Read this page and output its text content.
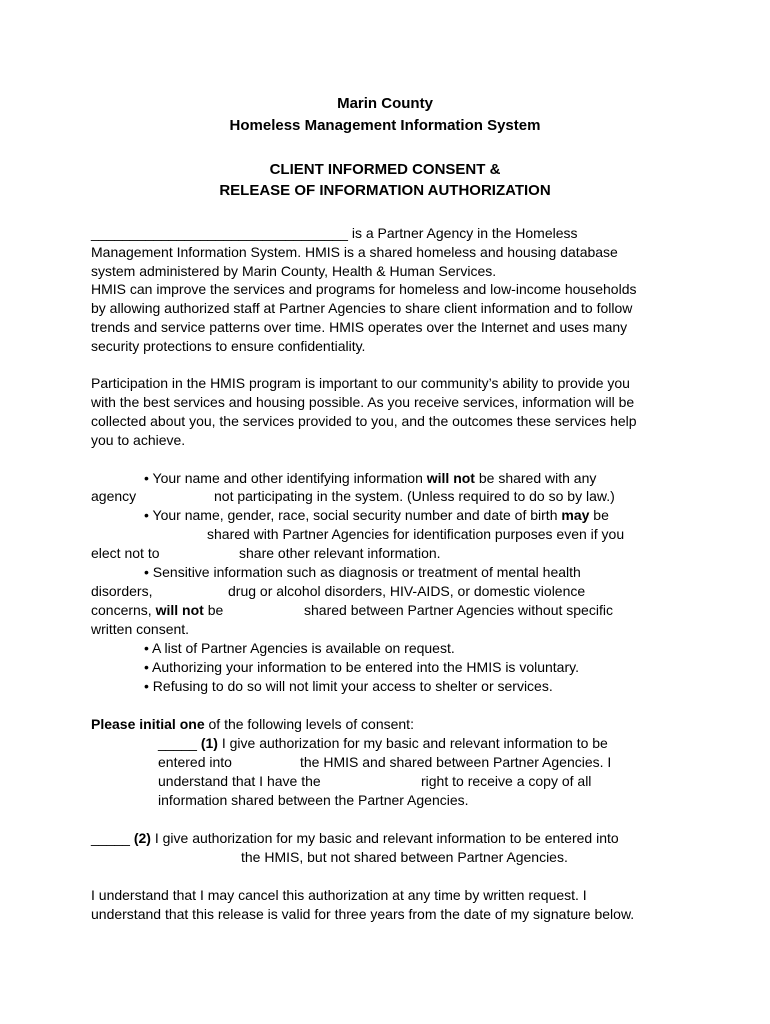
Marin County
Homeless Management Information System
CLIENT INFORMED CONSENT &
RELEASE OF INFORMATION AUTHORIZATION
_________________________________ is a Partner Agency in the Homeless
Management Information System. HMIS is a shared homeless and housing database
system administered by Marin County, Health & Human Services.
HMIS can improve the services and programs for homeless and low-income households
by allowing authorized staff at Partner Agencies to share client information and to follow
trends and service patterns over time. HMIS operates over the Internet and uses many
security protections to ensure confidentiality.
Participation in the HMIS program is important to our community’s ability to provide you
with the best services and housing possible. As you receive services, information will be
collected about you, the services provided to you, and the outcomes these services help
you to achieve.
• Your name and other identifying information will not be shared with any
agency	not participating in the system. (Unless required to do so by law.)
• Your name, gender, race, social security number and date of birth may be
shared with Partner Agencies for identification purposes even if you
elect not to	share other relevant information.
• Sensitive information such as diagnosis or treatment of mental health
disorders,	drug or alcohol disorders, HIV-AIDS, or domestic violence
concerns, will not be	shared between Partner Agencies without specific
written consent.
• A list of Partner Agencies is available on request.
• Authorizing your information to be entered into the HMIS is voluntary.
• Refusing to do so will not limit your access to shelter or services.
Please initial one of the following levels of consent:
_____ (1) I give authorization for my basic and relevant information to be
entered into	the HMIS and shared between Partner Agencies. I
understand that I have the	right to receive a copy of all
information shared between the Partner Agencies.
_____ (2) I give authorization for my basic and relevant information to be entered into
the HMIS, but not shared between Partner Agencies.
I understand that I may cancel this authorization at any time by written request. I
understand that this release is valid for three years from the date of my signature below.
